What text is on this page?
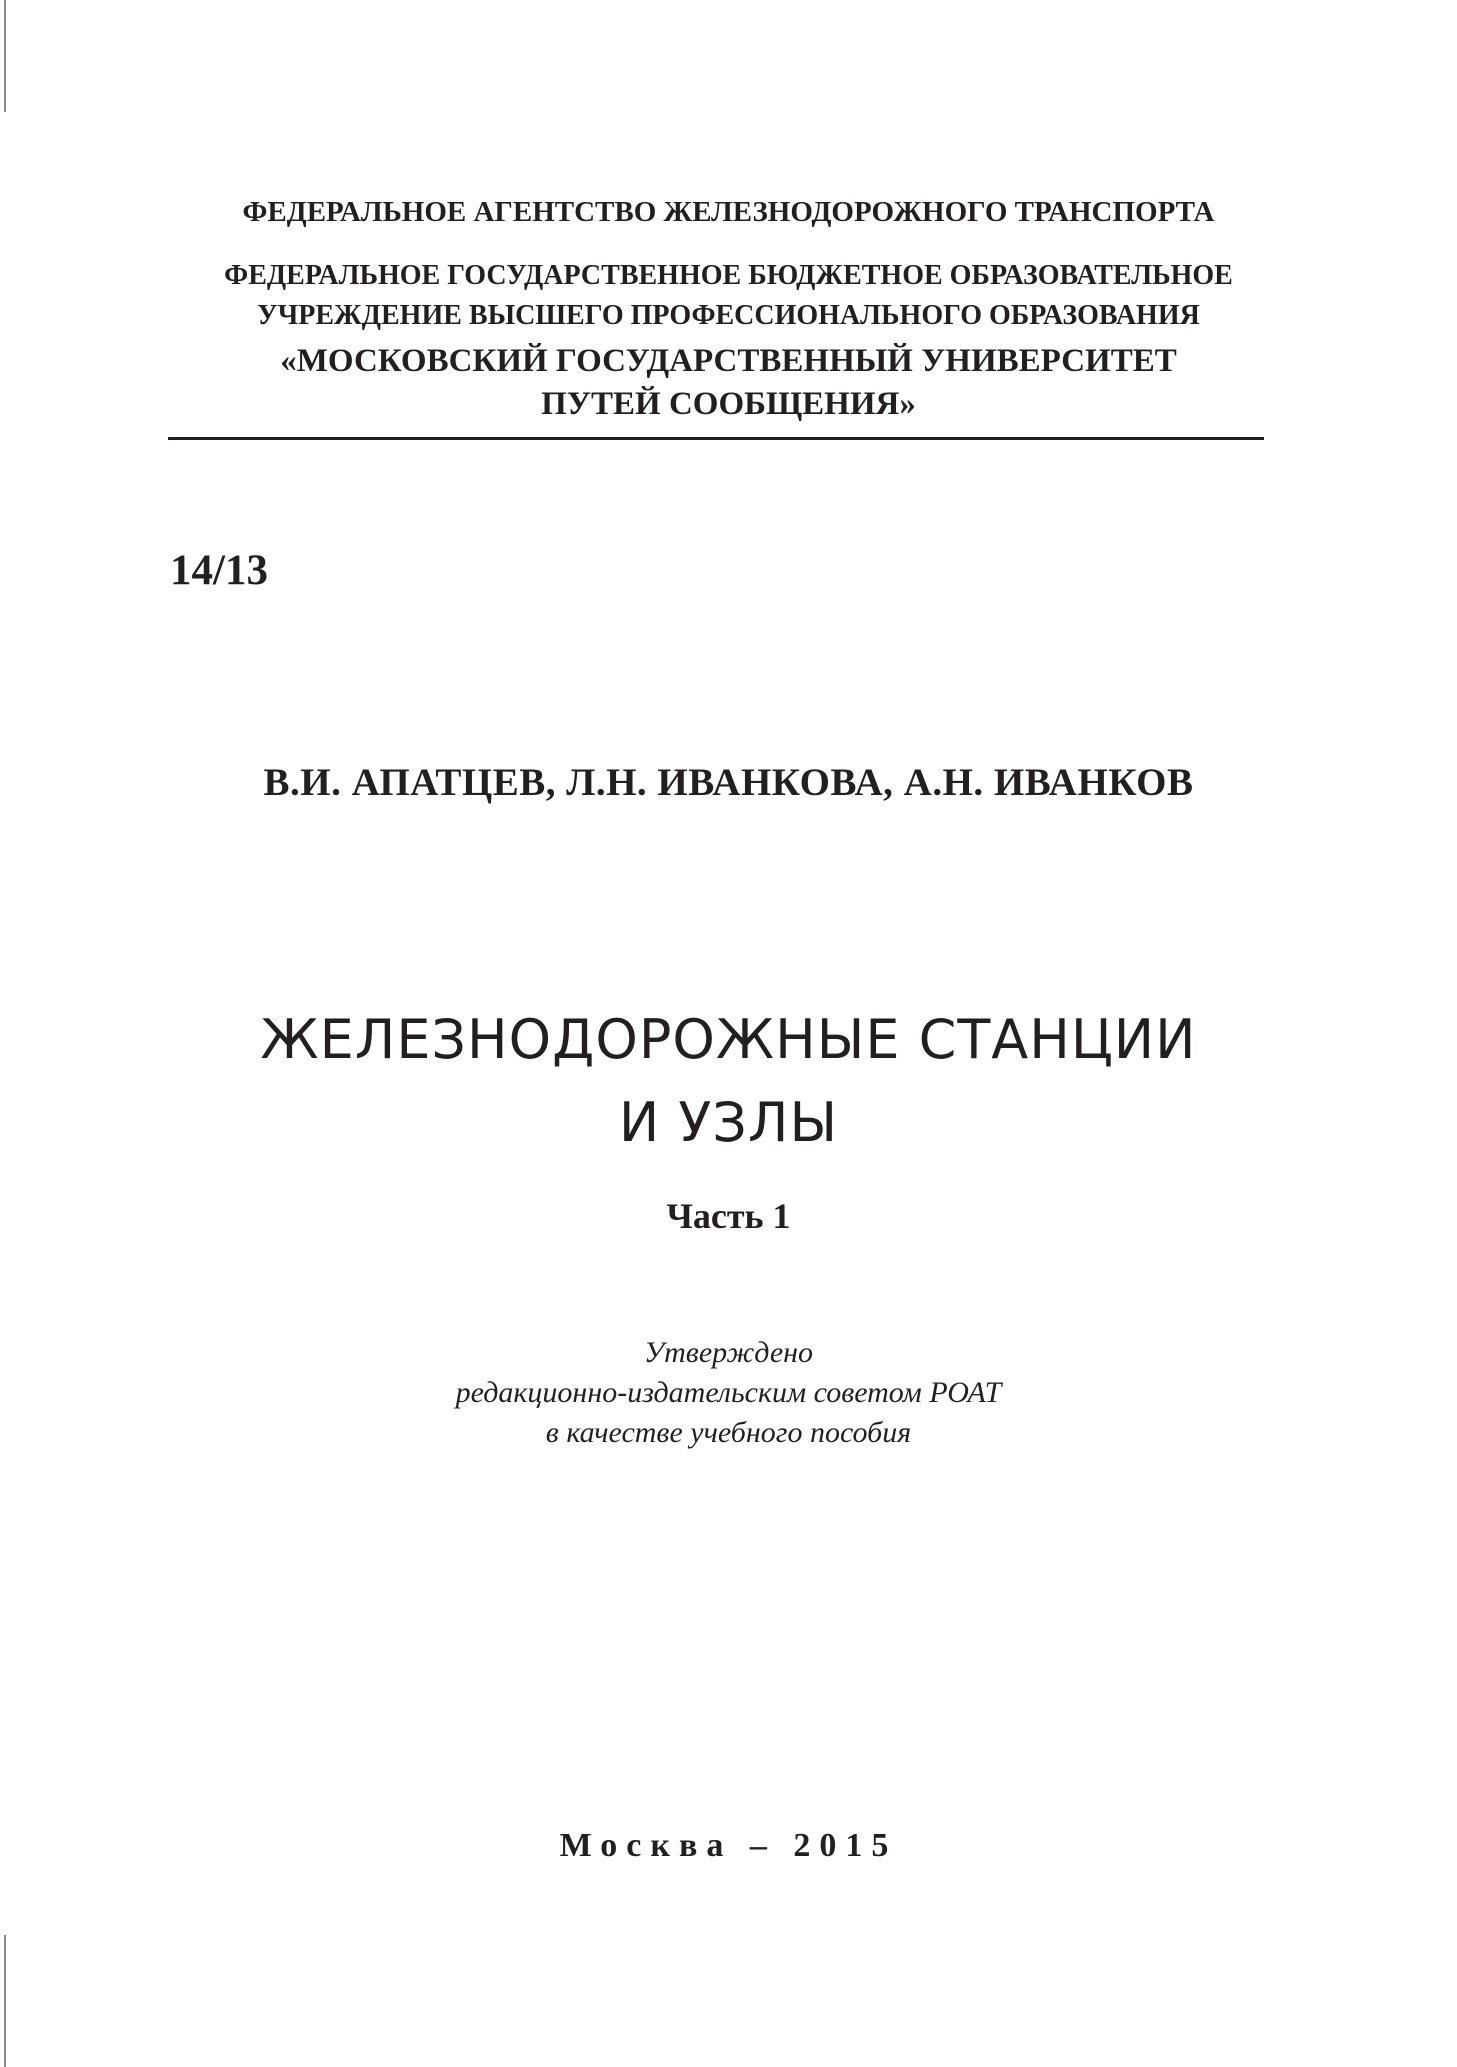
ФЕДЕРАЛЬНОЕ АГЕНТСТВО ЖЕЛЕЗНОДОРОЖНОГО ТРАНСПОРТА
ФЕДЕРАЛЬНОЕ ГОСУДАРСТВЕННОЕ БЮДЖЕТНОЕ ОБРАЗОВАТЕЛЬНОЕ
УЧРЕЖДЕНИЕ ВЫСШЕГО ПРОФЕССИОНАЛЬНОГО ОБРАЗОВАНИЯ
«МОСКОВСКИЙ ГОСУДАРСТВЕННЫЙ УНИВЕРСИТЕТ
ПУТЕЙ СООБЩЕНИЯ»
14/13
В.И. АПАТЦЕВ, Л.Н. ИВАНКОВА, А.Н. ИВАНКОВ
ЖЕЛЕЗНОДОРОЖНЫЕ СТАНЦИИ
И УЗЛЫ
Часть 1
Утверждено
редакционно-издательским советом РОАТ
в качестве учебного пособия
Москва – 2015
